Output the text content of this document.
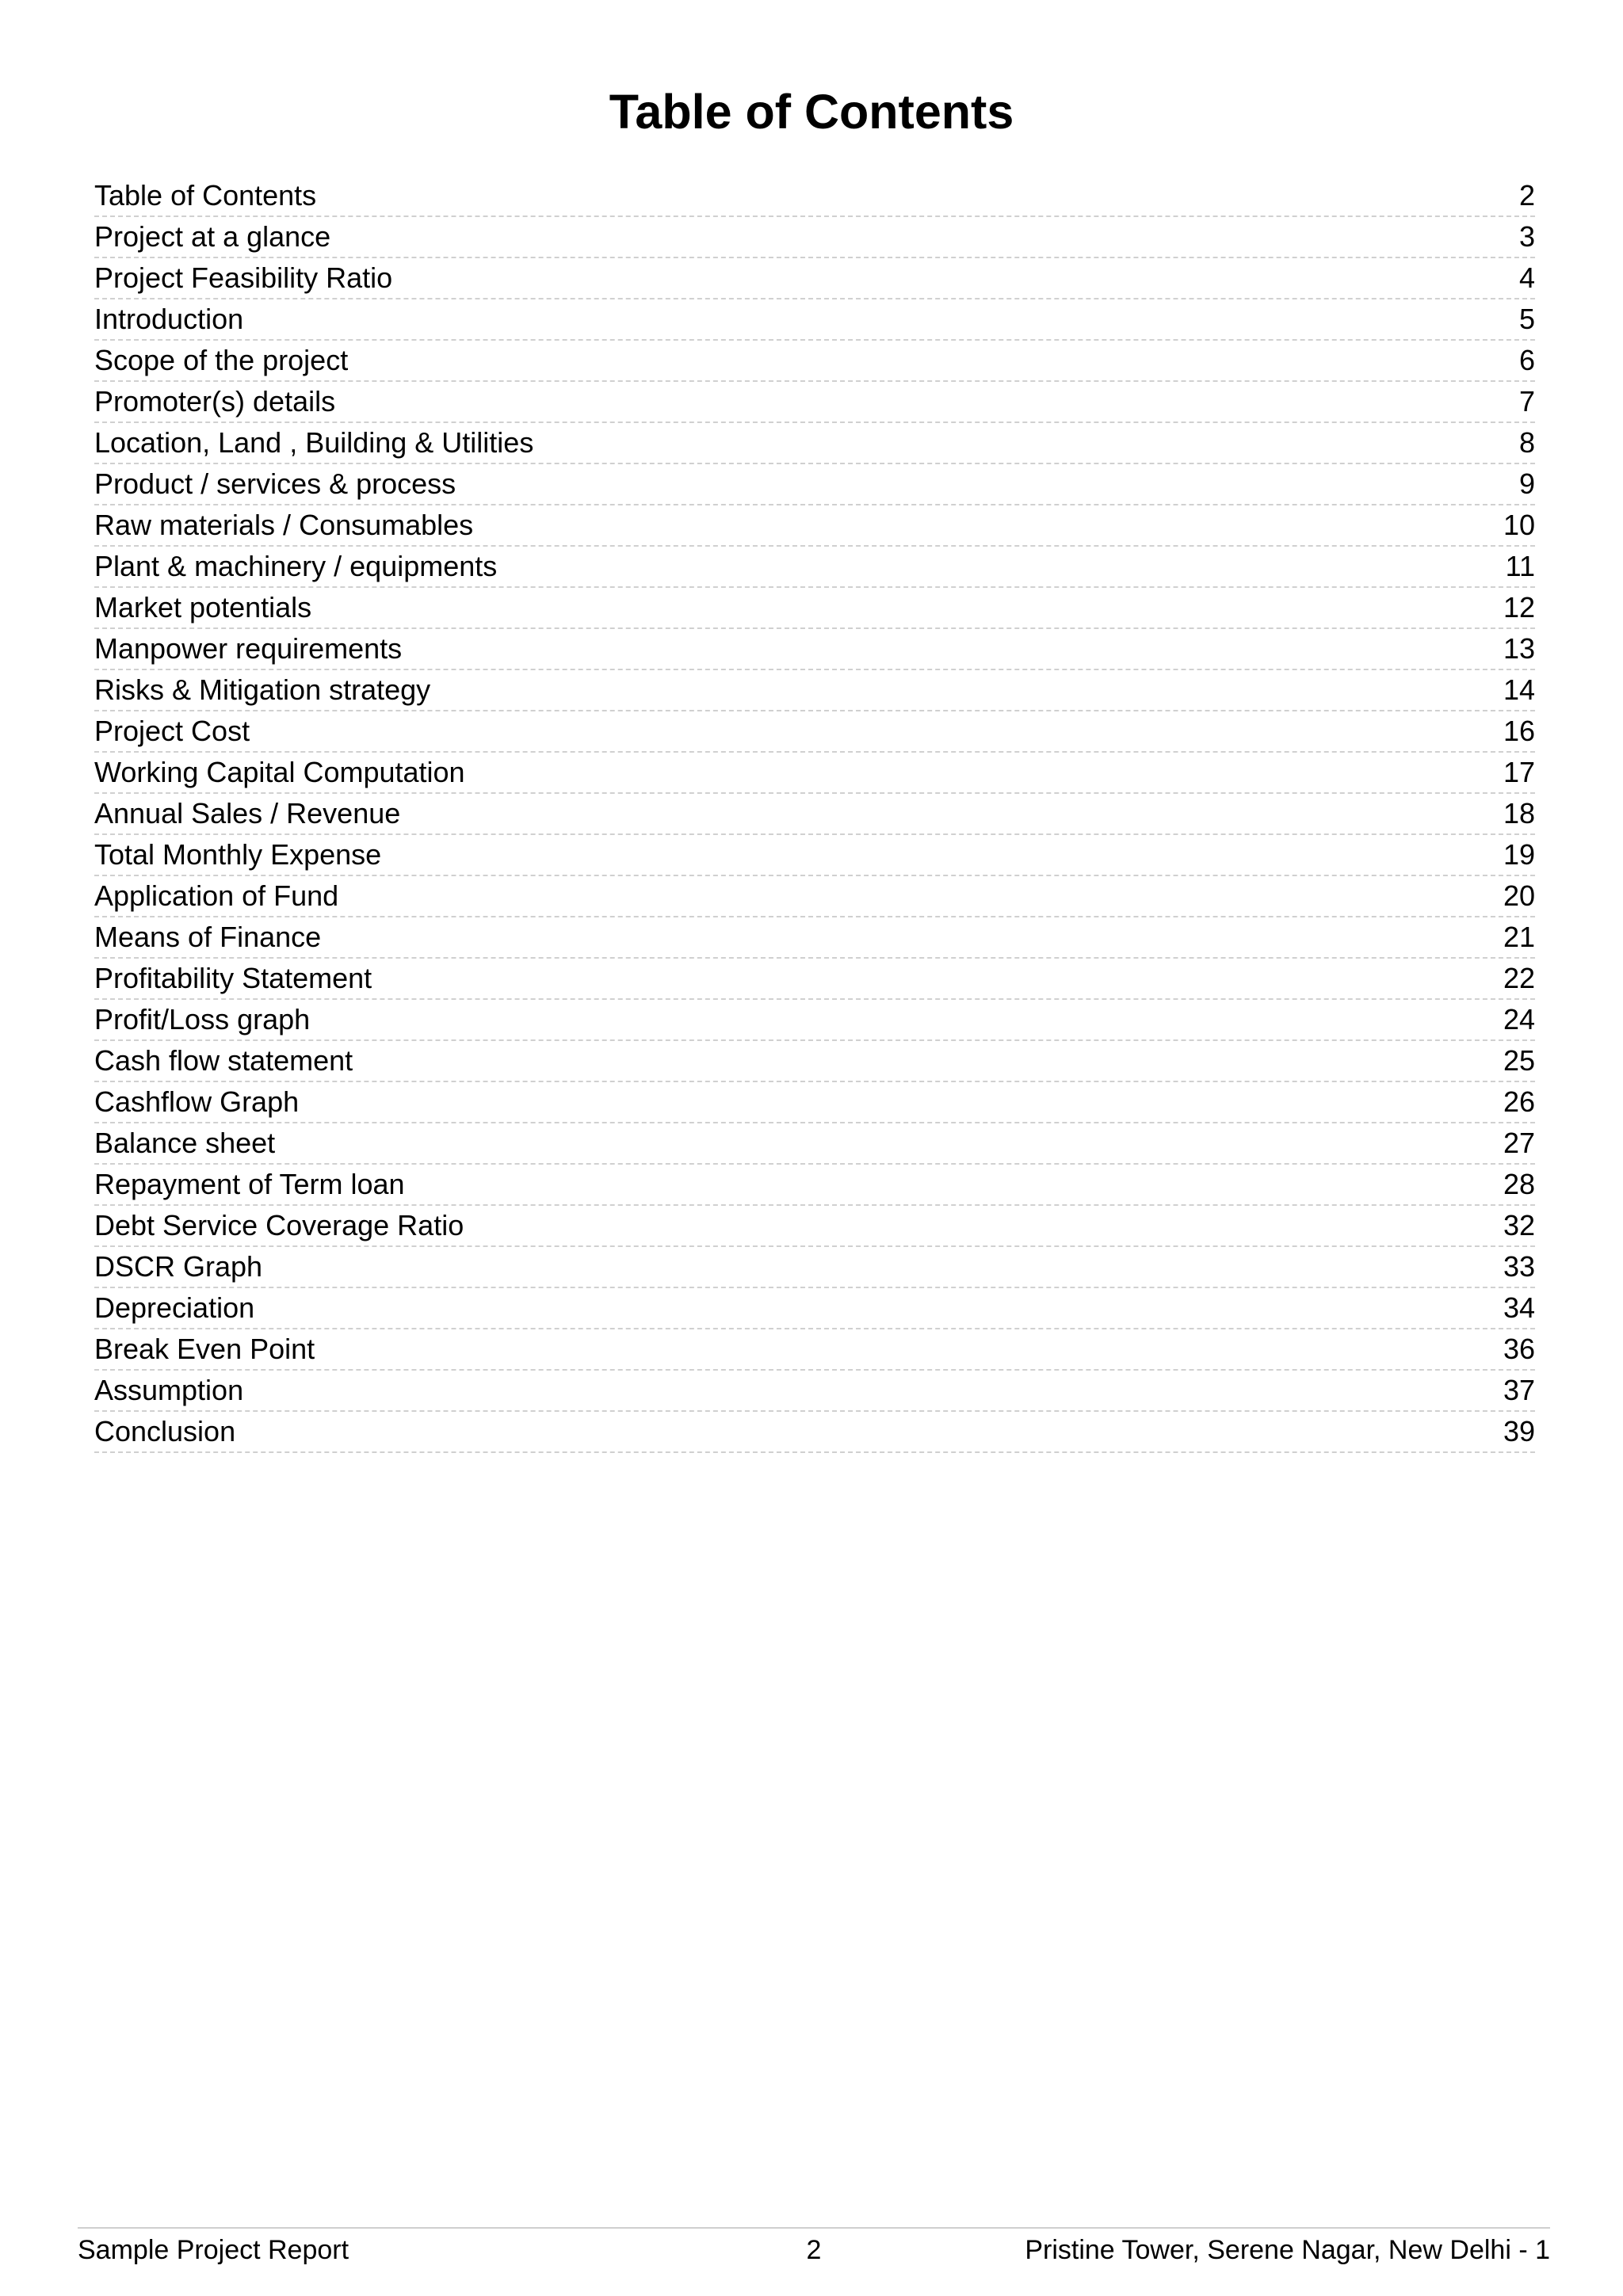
Table of Contents
Table of Contents	2
Project at a glance	3
Project Feasibility Ratio	4
Introduction	5
Scope of the project	6
Promoter(s) details	7
Location, Land , Building & Utilities	8
Product / services & process	9
Raw materials / Consumables	10
Plant & machinery / equipments	11
Market potentials	12
Manpower requirements	13
Risks & Mitigation strategy	14
Project Cost	16
Working Capital Computation	17
Annual Sales / Revenue	18
Total Monthly Expense	19
Application of Fund	20
Means of Finance	21
Profitability Statement	22
Profit/Loss graph	24
Cash flow statement	25
Cashflow Graph	26
Balance sheet	27
Repayment of Term loan	28
Debt Service Coverage Ratio	32
DSCR Graph	33
Depreciation	34
Break Even Point	36
Assumption	37
Conclusion	39
Sample Project Report	2	Pristine Tower, Serene Nagar, New Delhi - 1
